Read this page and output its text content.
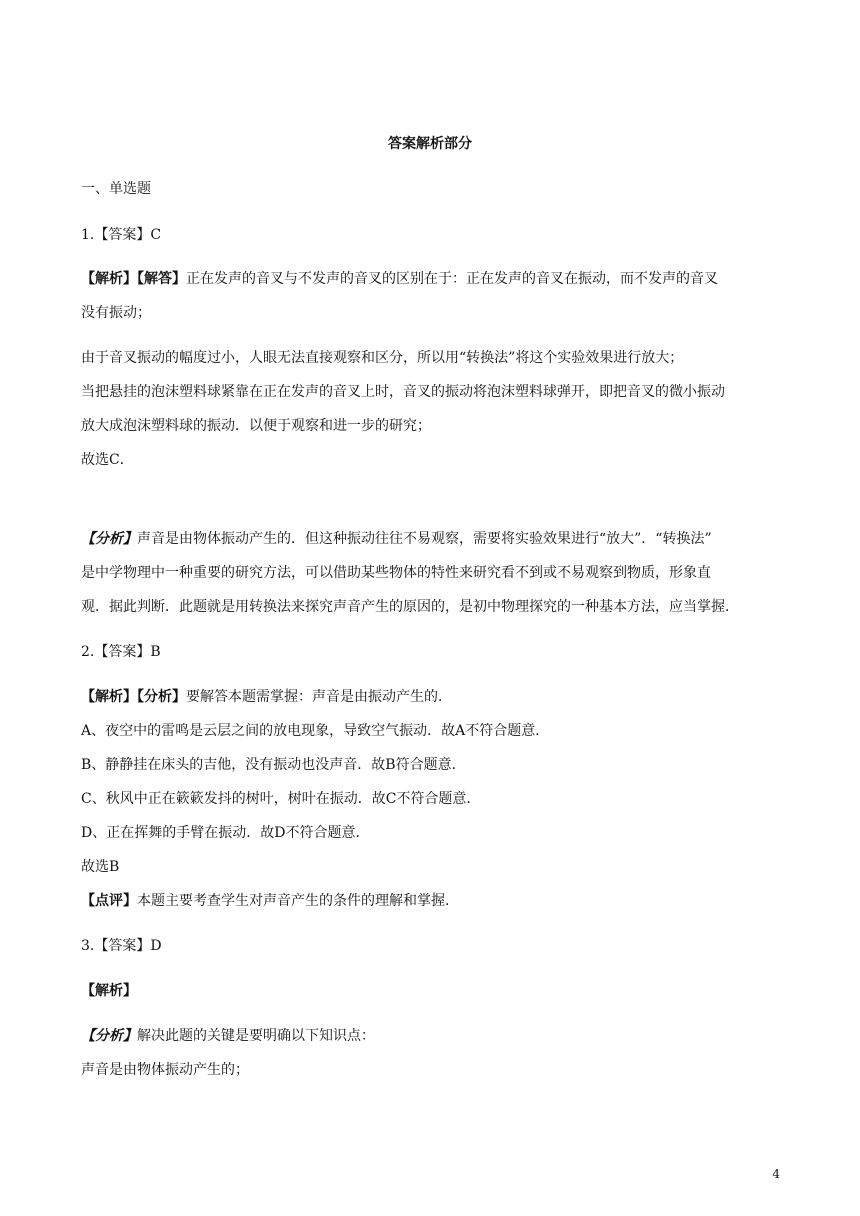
答案解析部分
一、单选题
1.【答案】C
【解析】【解答】正在发声的音叉与不发声的音叉的区别在于：正在发声的音叉在振动，而不发声的音叉
没有振动；
由于音叉振动的幅度过小，人眼无法直接观察和区分，所以用“转换法”将这个实验效果进行放大；
当把悬挂的泡沫塑料球紧靠在正在发声的音叉上时，音叉的振动将泡沫塑料球弹开，即把音叉的微小振动
放大成泡沫塑料球的振动．以便于观察和进一步的研究；
故选C．
【分析】声音是由物体振动产生的．但这种振动往往不易观察，需要将实验效果进行“放大”．“转换法”
是中学物理中一种重要的研究方法，可以借助某些物体的特性来研究看不到或不易观察到物质，形象直
观．据此判断．此题就是用转换法来探究声音产生的原因的，是初中物理探究的一种基本方法，应当掌握．
2.【答案】B
【解析】【分析】要解答本题需掌握：声音是由振动产生的．
A、夜空中的雷鸣是云层之间的放电现象，导致空气振动．故A不符合题意．
B、静静挂在床头的吉他，没有振动也没声音．故B符合题意．
C、秋风中正在簌簌发抖的树叶，树叶在振动．故C不符合题意．
D、正在挥舞的手臂在振动．故D不符合题意．
故选B
【点评】本题主要考查学生对声音产生的条件的理解和掌握．
3.【答案】D
【解析】
【分析】解决此题的关键是要明确以下知识点：
声音是由物体振动产生的；
4
